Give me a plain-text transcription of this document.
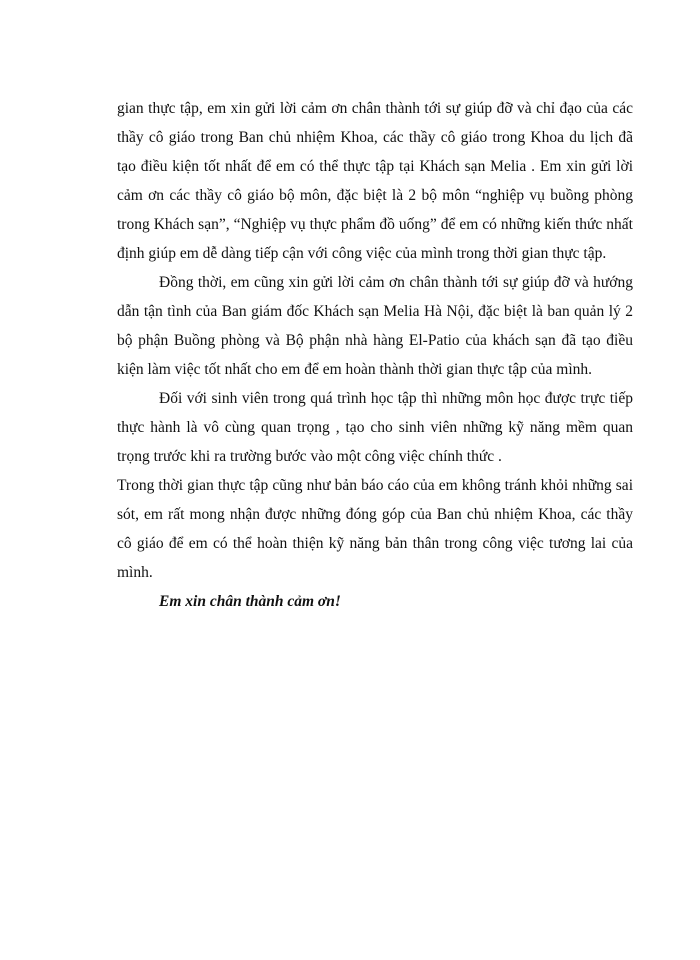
gian thực tập, em xin gửi lời cảm ơn chân thành tới sự giúp đỡ và chỉ đạo của các thầy cô giáo trong Ban chủ nhiệm Khoa, các thầy cô giáo trong Khoa du lịch đã tạo điều kiện tốt nhất để em có thể thực tập tại Khách sạn Melia . Em xin gửi lời cảm ơn các thầy cô giáo bộ môn, đặc biệt là 2 bộ môn “nghiệp vụ buồng phòng trong Khách sạn”, “Nghiệp vụ thực phẩm đồ uống” để em có những kiến thức nhất định giúp em dễ dàng tiếp cận với công việc của mình trong thời gian thực tập.

Đồng thời, em cũng xin gửi lời cảm ơn chân thành tới sự giúp đỡ và hướng dẫn tận tình của Ban giám đốc Khách sạn Melia Hà Nội, đặc biệt là ban quản lý 2 bộ phận Buồng phòng và Bộ phận nhà hàng El-Patio của khách sạn đã tạo điều kiện làm việc tốt nhất cho em để em hoàn thành thời gian thực tập của mình.

Đối với sinh viên trong quá trình học tập thì những môn học được trực tiếp thực hành là vô cùng quan trọng , tạo cho sinh viên những kỹ năng mềm quan trọng trước khi ra trường bước vào một công việc chính thức .

Trong thời gian thực tập cũng như bản báo cáo của em không tránh khỏi những sai sót, em rất mong nhận được những đóng góp của Ban chủ nhiệm Khoa, các thầy cô giáo để em có thể hoàn thiện kỹ năng bản thân trong công việc tương lai của mình.

Em xin chân thành cảm ơn!
